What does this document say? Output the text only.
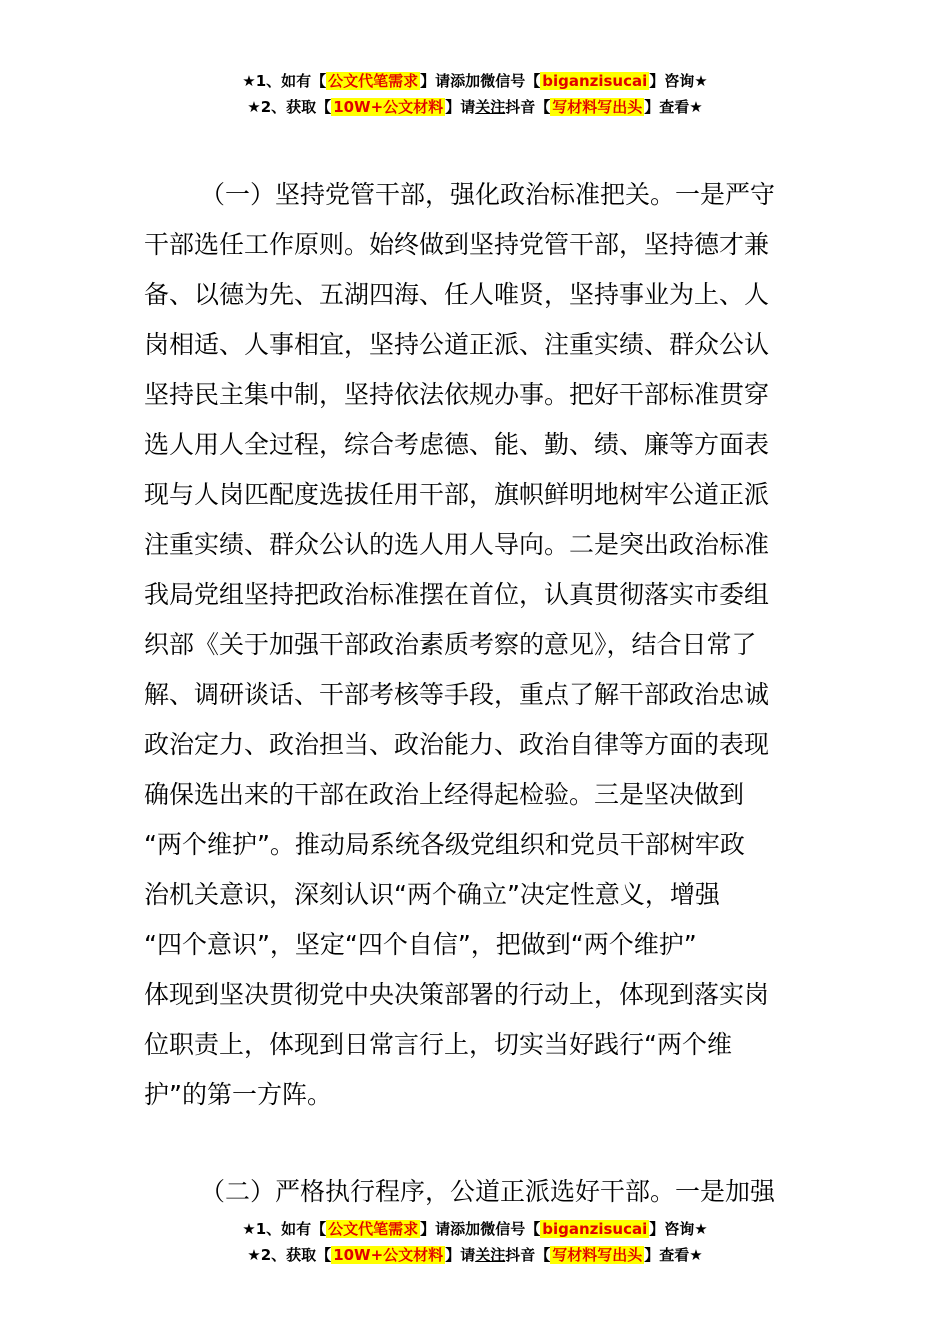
★1、如有【 公文代笔需求 】请添加微信号【 biganzisucai 】咨询★
★2、获取【 10W+公文材料 】请关注抖音【 写材料写出头 】查看★
（一）坚持党管干部，强化政治标准把关。一是严守
干部选任工作原则。始终做到坚持党管干部，坚持德才兼
备、以德为先、五湖四海、任人唯贤，坚持事业为上、人
岗相适、人事相宜，坚持公道正派、注重实绩、群众公认
坚持民主集中制，坚持依法依规办事。把好干部标准贯穿
选人用人全过程，综合考虑德、能、勤、绩、廉等方面表
现与人岗匹配度选拔任用干部，旗帜鲜明地树牢公道正派
注重实绩、群众公认的选人用人导向。二是突出政治标准
我局党组坚持把政治标准摆在首位，认真贯彻落实市委组
织部《关于加强干部政治素质考察的意见》，结合日常了
解、调研谈话、干部考核等手段，重点了解干部政治忠诚
政治定力、政治担当、政治能力、政治自律等方面的表现
确保选出来的干部在政治上经得起检验。三是坚决做到
“两个维护”。推动局系统各级党组织和党员干部树牢政
治机关意识，深刻认识“两个确立”决定性意义，增强
“四个意识”，坚定“四个自信”，把做到“两个维护”
体现到坚决贯彻党中央决策部署的行动上，体现到落实岗
位职责上，体现到日常言行上，切实当好践行“两个维
护”的第一方阵。
（二）严格执行程序，公道正派选好干部。一是加强
★1、如有【 公文代笔需求 】请添加微信号【 biganzisucai 】咨询★
★2、获取【 10W+公文材料 】请关注抖音【 写材料写出头 】查看★
